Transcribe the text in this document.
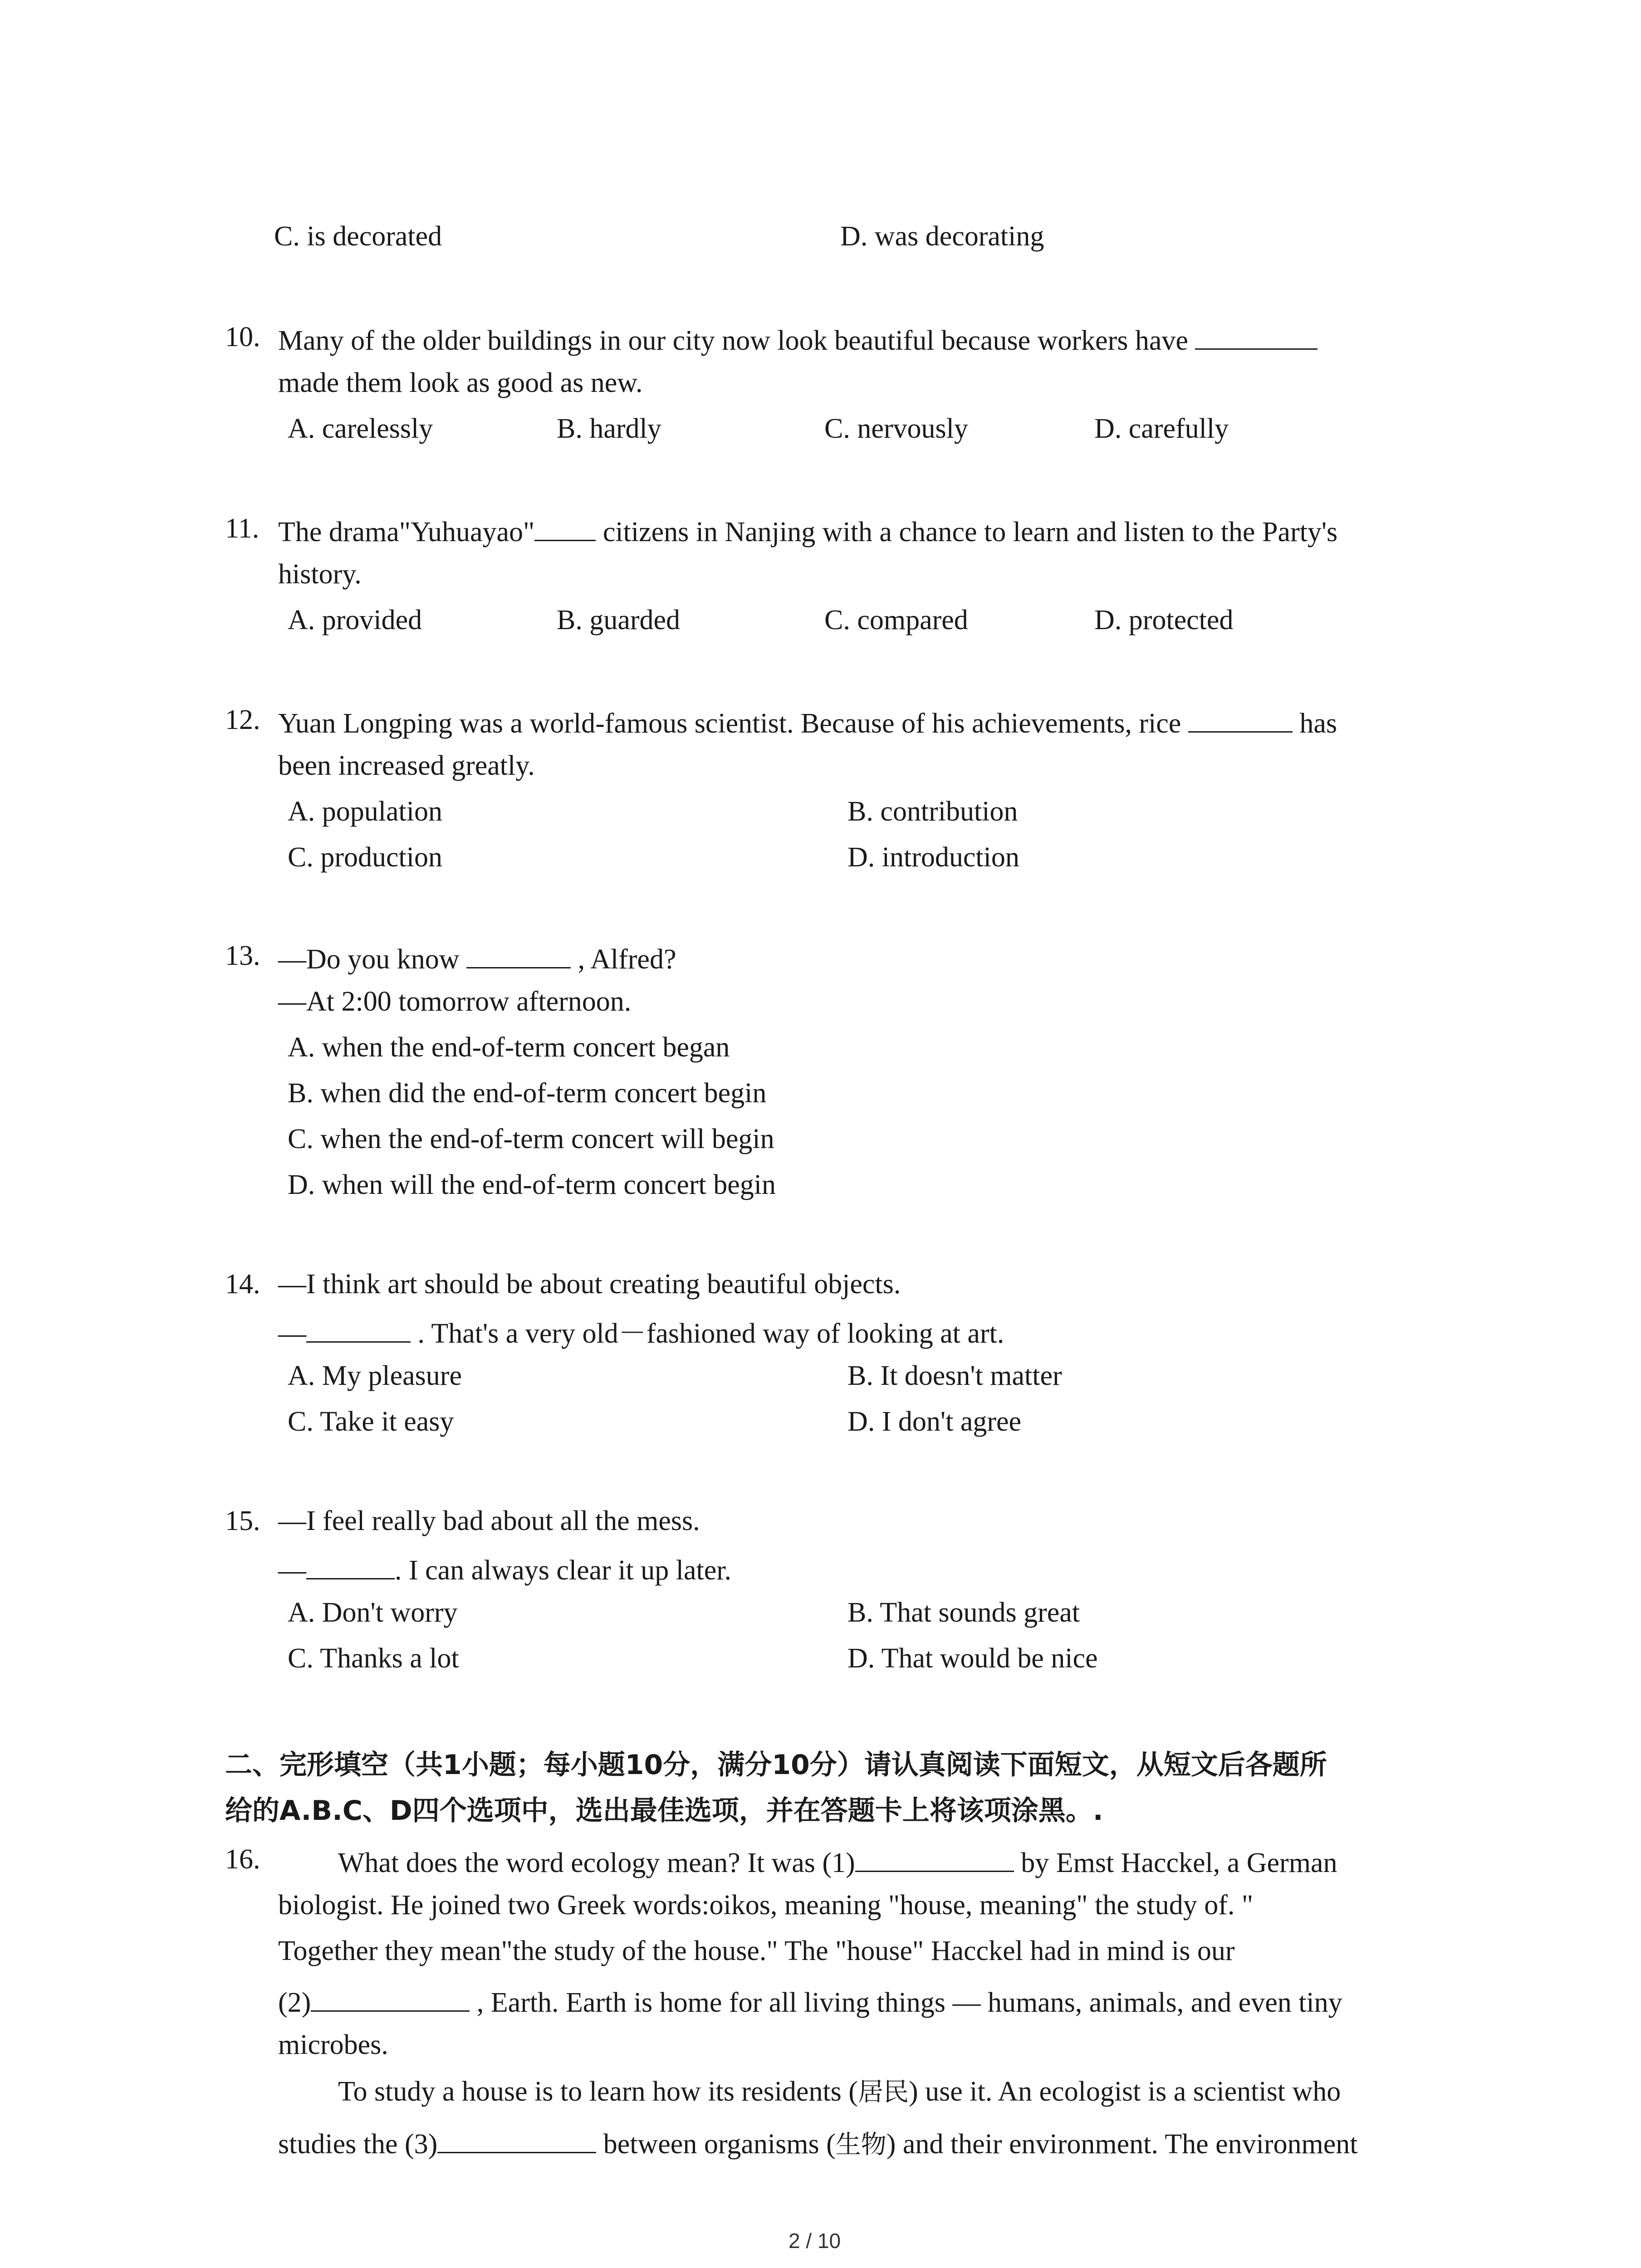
C. is decorated	D. was decorating
10. Many of the older buildings in our city now look beautiful because workers have
made them look as good as new.
A. carelessly	B. hardly	C. nervously	D. carefully
11. The drama"Yuhuayao" citizens in Nanjing with a chance to learn and listen to the Party's
history.
A. provided	B. guarded	C. compared	D. protected
12. Yuan Longping was a world-famous scientist. Because of his achievements, rice	has
been increased greatly.
A. population	B. contribution
C. production	D. introduction
13. —Do you know	, Alfred?
—At 2:00 tomorrow afternoon.
A. when the end-of-term concert began
B. when did the end-of-term concert begin
C. when the end-of-term concert will begin
D. when will the end-of-term concert begin
14. —I think art should be about creating beautiful objects.
—	. That's a very old－fashioned way of looking at art.
A. My pleasure	B. It doesn't matter
C. Take it easy	D. I don't agree
15. —I feel really bad about all the mess.
—	. I can always clear it up later.
A. Don't worry	B. That sounds great
C. Thanks a lot	D. That would be nice
二、完形填空（共1小题；每小题10分，满分10分）请认真阅读下面短文，从短文后各题所
给的A.B.C、D四个选项中，选出最佳选项，并在答题卡上将该项涂黑。.
16.	What does the word ecology mean? It was (1)	by Emst Hacckel, a German
biologist. He joined two Greek words:oikos, meaning "house, meaning" the study of. "
Together they mean"the study of the house." The "house" Hacckel had in mind is our
(2)	, Earth. Earth is home for all living things — humans, animals, and even tiny
microbes.
To study a house is to learn how its residents (居民) use it. An ecologist is a scientist who
studies the (3)	between organisms (生物) and their environment. The environment
2 / 10
